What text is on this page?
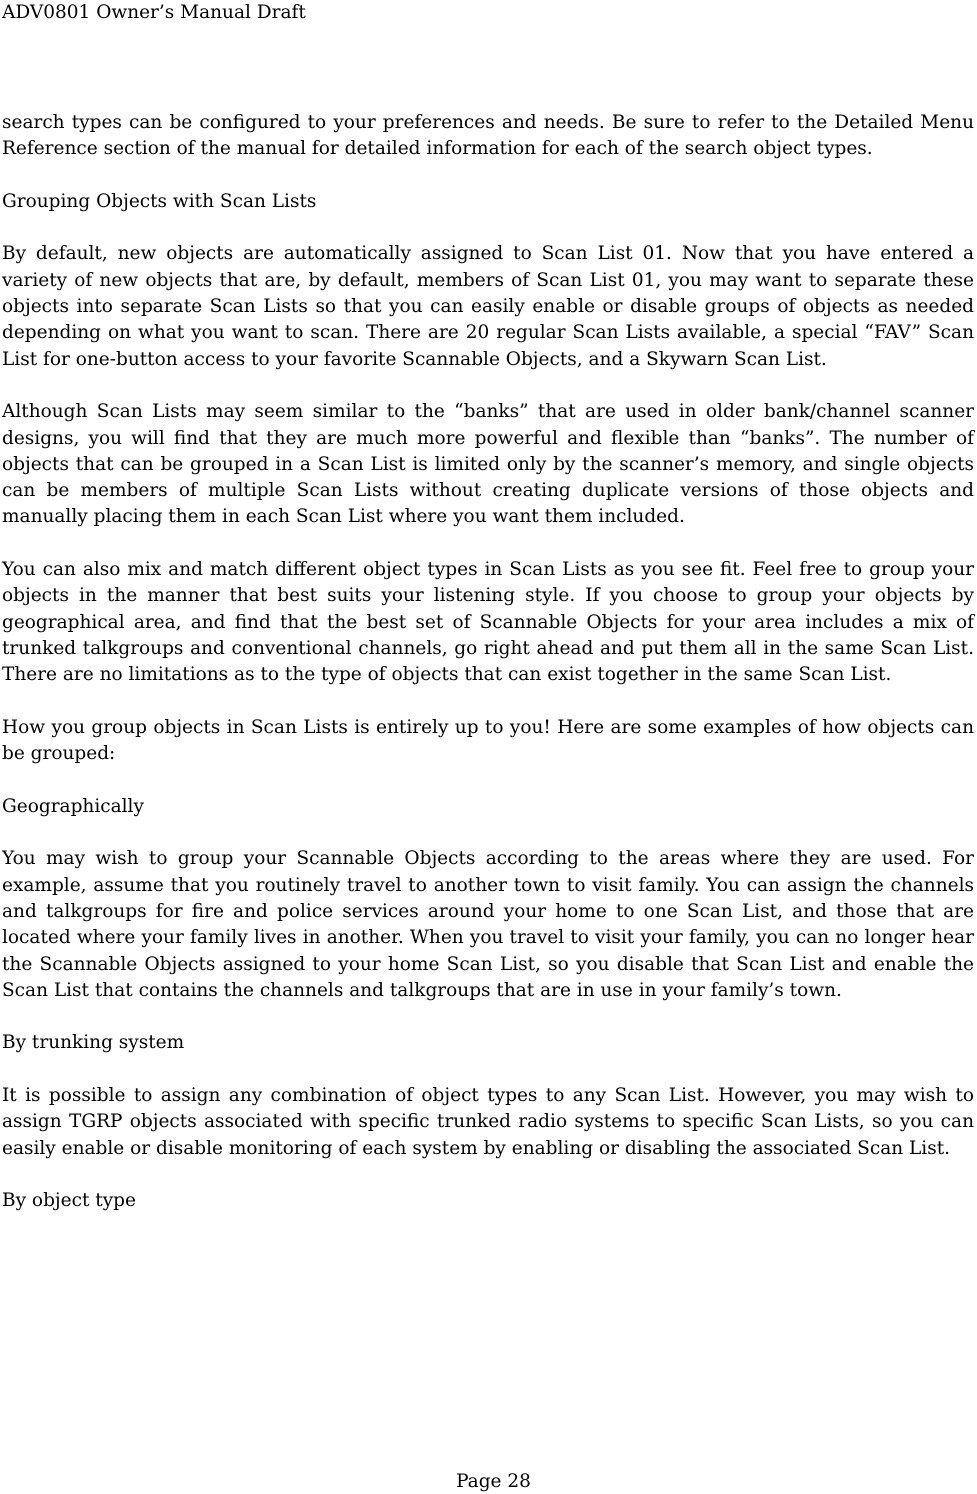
ADV0801 Owner’s Manual Draft

search types can be configured to your preferences and needs. Be sure to refer to the Detailed Menu Reference section of the manual for detailed information for each of the search object types.

Grouping Objects with Scan Lists

By default, new objects are automatically assigned to Scan List 01. Now that you have entered a variety of new objects that are, by default, members of Scan List 01, you may want to separate these objects into separate Scan Lists so that you can easily enable or disable groups of objects as needed depending on what you want to scan. There are 20 regular Scan Lists available, a special “FAV” Scan List for one-button access to your favorite Scannable Objects, and a Skywarn Scan List.

Although Scan Lists may seem similar to the “banks” that are used in older bank/channel scanner designs, you will find that they are much more powerful and flexible than “banks”. The number of objects that can be grouped in a Scan List is limited only by the scanner’s memory, and single objects can be members of multiple Scan Lists without creating duplicate versions of those objects and manually placing them in each Scan List where you want them included.

You can also mix and match different object types in Scan Lists as you see fit. Feel free to group your objects in the manner that best suits your listening style. If you choose to group your objects by geographical area, and find that the best set of Scannable Objects for your area includes a mix of trunked talkgroups and conventional channels, go right ahead and put them all in the same Scan List. There are no limitations as to the type of objects that can exist together in the same Scan List.

How you group objects in Scan Lists is entirely up to you! Here are some examples of how objects can be grouped:

Geographically

You may wish to group your Scannable Objects according to the areas where they are used. For example, assume that you routinely travel to another town to visit family. You can assign the channels and talkgroups for fire and police services around your home to one Scan List, and those that are located where your family lives in another. When you travel to visit your family, you can no longer hear the Scannable Objects assigned to your home Scan List, so you disable that Scan List and enable the Scan List that contains the channels and talkgroups that are in use in your family’s town.

By trunking system

It is possible to assign any combination of object types to any Scan List. However, you may wish to assign TGRP objects associated with specific trunked radio systems to specific Scan Lists, so you can easily enable or disable monitoring of each system by enabling or disabling the associated Scan List.

By object type

Page 28
